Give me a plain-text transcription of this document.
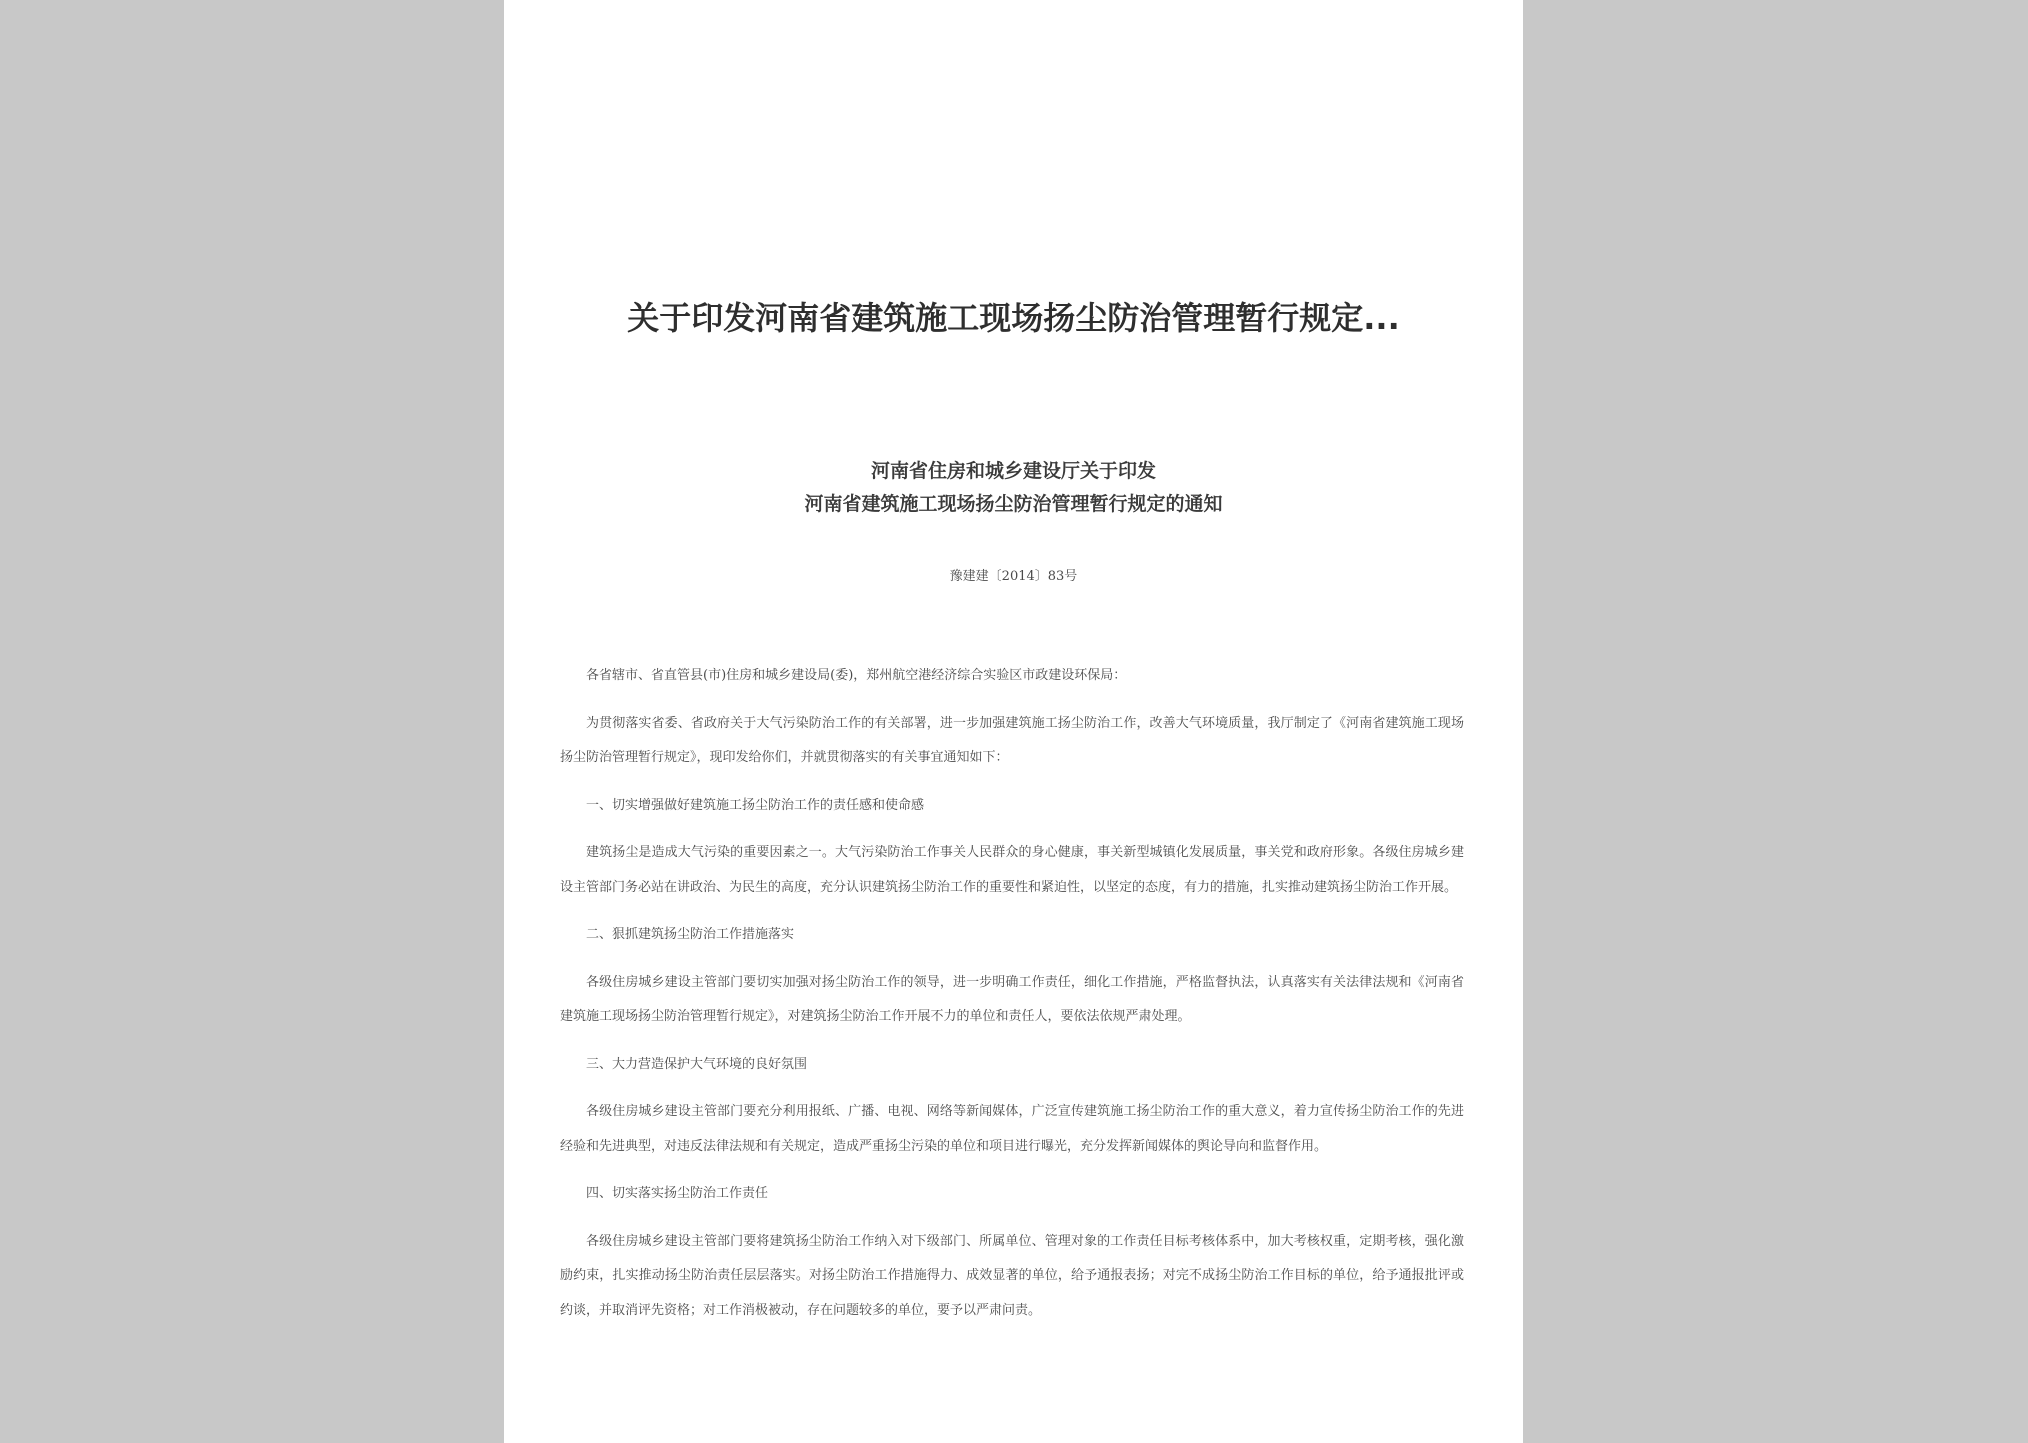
关于印发河南省建筑施工现场扬尘防治管理暂行规定...
河南省住房和城乡建设厅关于印发
河南省建筑施工现场扬尘防治管理暂行规定的通知
豫建建〔2014〕83号

各省辖市、省直管县(市)住房和城乡建设局(委)，郑州航空港经济综合实验区市政建设环保局：

为贯彻落实省委、省政府关于大气污染防治工作的有关部署，进一步加强建筑施工扬尘防治工作，改善大气环境质量，我厅制定了《河南省建筑施工现场扬尘防治管理暂行规定》，现印发给你们，并就贯彻落实的有关事宜通知如下：

一、切实增强做好建筑施工扬尘防治工作的责任感和使命感

建筑扬尘是造成大气污染的重要因素之一。大气污染防治工作事关人民群众的身心健康，事关新型城镇化发展质量，事关党和政府形象。各级住房城乡建设主管部门务必站在讲政治、为民生的高度，充分认识建筑扬尘防治工作的重要性和紧迫性，以坚定的态度，有力的措施，扎实推动建筑扬尘防治工作开展。

二、狠抓建筑扬尘防治工作措施落实

各级住房城乡建设主管部门要切实加强对扬尘防治工作的领导，进一步明确工作责任，细化工作措施，严格监督执法，认真落实有关法律法规和《河南省建筑施工现场扬尘防治管理暂行规定》，对建筑扬尘防治工作开展不力的单位和责任人，要依法依规严肃处理。

三、大力营造保护大气环境的良好氛围

各级住房城乡建设主管部门要充分利用报纸、广播、电视、网络等新闻媒体，广泛宣传建筑施工扬尘防治工作的重大意义，着力宣传扬尘防治工作的先进经验和先进典型，对违反法律法规和有关规定，造成严重扬尘污染的单位和项目进行曝光，充分发挥新闻媒体的舆论导向和监督作用。

四、切实落实扬尘防治工作责任

各级住房城乡建设主管部门要将建筑扬尘防治工作纳入对下级部门、所属单位、管理对象的工作责任目标考核体系中，加大考核权重，定期考核，强化激励约束，扎实推动扬尘防治责任层层落实。对扬尘防治工作措施得力、成效显著的单位，给予通报表扬；对完不成扬尘防治工作目标的单位，给予通报批评或约谈，并取消评先资格；对工作消极被动，存在问题较多的单位，要予以严肃问责。
